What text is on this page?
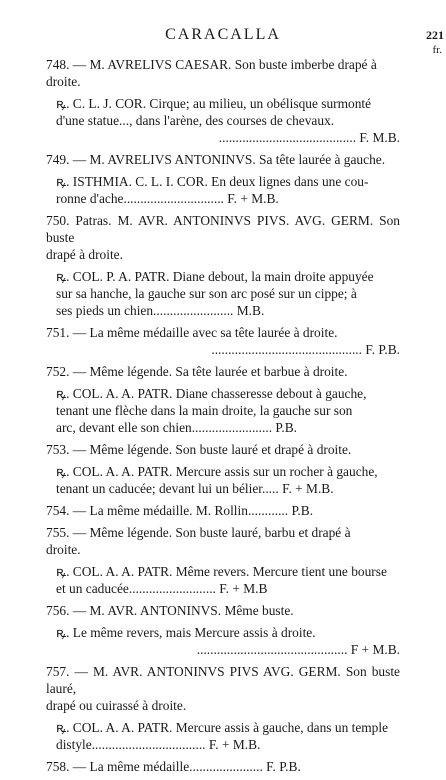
CARACALLA	221
fr.
748. — M. AVRELIVS CAESAR. Son buste imberbe drapé à
droite.
ꝶ. C. L. J. COR. Cirque; au milieu, un obélisque surmonté
d'une statue..., dans l'arène, des courses de chevaux.
......................................... F. M.B.
749. — M. AVRELIVS ANTONINVS. Sa tête laurée à gauche.
ꝶ. ISTHMIA. C. L. I. COR. En deux lignes dans une cou-
ronne d'ache.............................. F. + M.B.
750. Patras. M. AVR. ANTONINVS PIVS. AVG. GERM. Son buste
drapé à droite.
ꝶ. COL. P. A. PATR. Diane debout, la main droite appuyée
sur sa hanche, la gauche sur son arc posé sur un cippe; à
ses pieds un chien........................ M.B.
751. — La même médaille avec sa tête laurée à droite.
............................................. F. P.B.
752. — Même légende. Sa tête laurée et barbue à droite.
ꝶ. COL. A. A. PATR. Diane chasseresse debout à gauche,
tenant une flèche dans la main droite, la gauche sur son
arc, devant elle son chien........................ P.B.
753. — Même légende. Son buste lauré et drapé à droite.
ꝶ. COL. A. A. PATR. Mercure assis sur un rocher à gauche,
tenant un caducée; devant lui un bélier..... F. + M.B.
754. — La même médaille. M. Rollin............ P.B.
755. — Même légende. Son buste lauré, barbu et drapé à
droite.
ꝶ. COL. A. A. PATR. Même revers. Mercure tient une bourse
et un caducée.......................... F. + M.B
756. — M. AVR. ANTONINVS. Même buste.
ꝶ. Le même revers, mais Mercure assis à droite.
............................................. F + M.B.
757. — M. AVR. ANTONINVS PIVS AVG. GERM. Son buste lauré,
drapé ou cuirassé à droite.
ꝶ. COL. A. A. PATR. Mercure assis à gauche, dans un temple
distyle.................................. F. + M.B.
758. — La même médaille...................... F. P.B.
